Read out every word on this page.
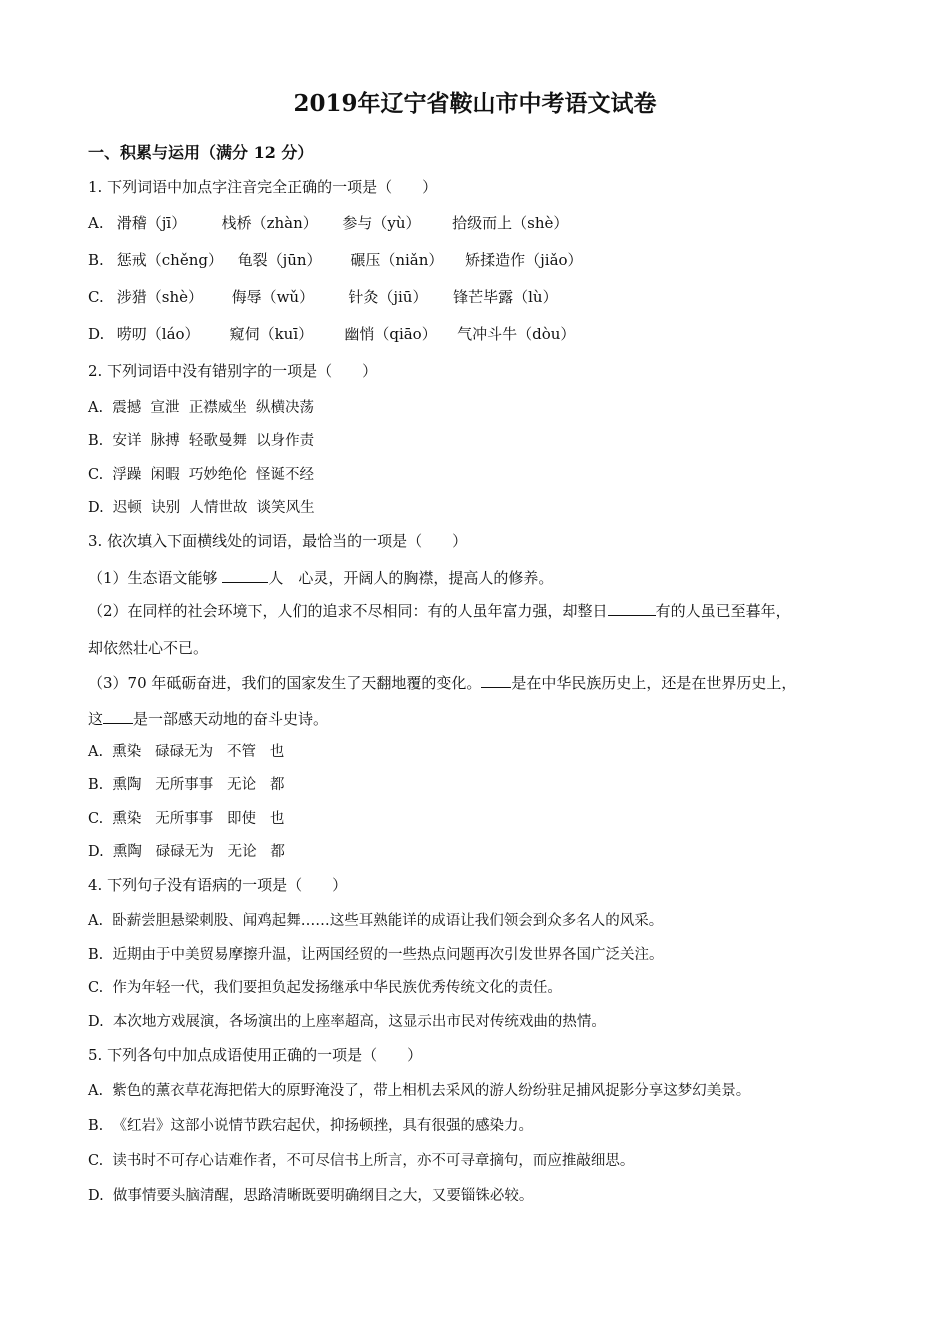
2019年辽宁省鞍山市中考语文试卷
一、积累与运用（满分 12 分）
1. 下列词语中加点字注音完全正确的一项是（　　）
A. 滑稽（jī） 栈桥（zhàn） 参与（yù） 拾级而上（shè）
B. 惩戒（chěng） 龟裂（jūn） 碾压（niǎn） 矫揉造作（jiǎo）
C. 涉猎（shè） 侮辱（wǔ） 针灸（jiū） 锋芒毕露（lù）
D. 唠叨（láo） 窥伺（kuī） 幽悄（qiāo） 气冲斗牛（dòu）
2. 下列词语中没有错别字的一项是（　　）
A.  震撼  宣泄  正襟威坐  纵横决荡
B.  安详  脉搏  轻歌曼舞  以身作责
C.  浮躁  闲暇  巧妙绝伦  怪诞不经
D.  迟顿  诀别  人情世故  谈笑风生
3. 依次填入下面横线处的词语，最恰当的一项是（　　）
（1）生态语文能够	人　心灵，开阔人的胸襟，提高人的修养。
（2）在同样的社会环境下，人们的追求不尽相同：有的人虽年富力强，却整日	有的人虽已至暮年，
却依然壮心不已。
（3）70 年砥砺奋进，我们的国家发生了天翻地覆的变化。 是在中华民族历史上，还是在世界历史上，
这 是一部感天动地的奋斗史诗。
A.  熏染   碌碌无为   不管   也
B.  熏陶   无所事事   无论   都
C.  熏染   无所事事   即使   也
D.  熏陶   碌碌无为   无论   都
4. 下列句子没有语病的一项是（　　）
A.  卧薪尝胆悬梁刺股、闻鸡起舞……这些耳熟能详的成语让我们领会到众多名人的风采。
B.  近期由于中美贸易摩擦升温，让两国经贸的一些热点问题再次引发世界各国广泛关注。
C.  作为年轻一代，我们要担负起发扬继承中华民族优秀传统文化的责任。
D.  本次地方戏展演，各场演出的上座率超高，这显示出市民对传统戏曲的热情。
5. 下列各句中加点成语使用正确的一项是（　　）
A.  紫色的薰衣草花海把偌大的原野淹没了，带上相机去采风的游人纷纷驻足捕风捉影分享这梦幻美景。
B.  《红岩》这部小说情节跌宕起伏，抑扬顿挫，具有很强的感染力。
C.  读书时不可存心诘难作者，不可尽信书上所言，亦不可寻章摘句，而应推敲细思。
D.  做事情要头脑清醒，思路清晰既要明确纲目之大，又要锱铢必较。
